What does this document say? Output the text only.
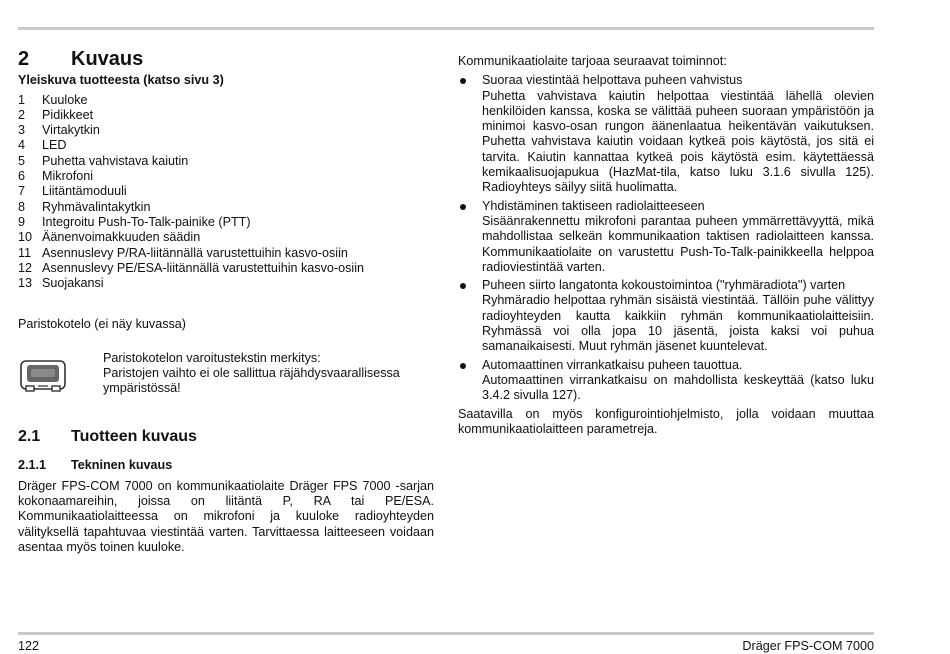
2	Kuvaus
Yleiskuva tuotteesta (katso sivu 3)
1	Kuuloke
2	Pidikkeet
3	Virtakytkin
4	LED
5	Puhetta vahvistava kaiutin
6	Mikrofoni
7	Liitäntämoduuli
8	Ryhmävalintakytkin
9	Integroitu Push-To-Talk-painike (PTT)
10 Äänenvoimakkuuden säädin
11 Asennuslevy P/RA-liitännällä varustettuihin kasvo-osiin
12 Asennuslevy PE/ESA-liitännällä varustettuihin kasvo-osiin
13 Suojakansi
Paristokotelo (ei näy kuvassa)
Paristokotelon varoitustekstin merkitys:
Paristojen vaihto ei ole sallittua räjähdysvaarallisessa ympäristössä!
2.1	Tuotteen kuvaus
2.1.1	Tekninen kuvaus
Dräger FPS-COM 7000 on kommunikaatiolaite Dräger FPS 7000 -sarjan kokonaamareihin, joissa on liitäntä P, RA tai PE/ESA. Kommunikaatiolaitteessa on mikrofoni ja kuuloke radioyhteyden välityksellä tapahtuvaa viestintää varten. Tarvittaessa laitteeseen voidaan asentaa myös toinen kuuloke.
Kommunikaatiolaite tarjoaa seuraavat toiminnot:
Suoraa viestintää helpottava puheen vahvistus
Puhetta vahvistava kaiutin helpottaa viestintää lähellä olevien henkilöiden kanssa, koska se välittää puheen suoraan ympäristöön ja minimoi kasvo-osan rungon äänenlaatua heikentävän vaikutuksen. Puhetta vahvistava kaiutin voidaan kytkeä pois käytöstä, jos sitä ei tarvita. Kaiutin kannattaa kytkeä pois käytöstä esim. käytettäessä kemikaalisuojapukua (HazMat-tila, katso luku 3.1.6 sivulla 125). Radioyhteys säilyy siitä huolimatta.
Yhdistäminen taktiseen radiolaitteeseen
Sisäänrakennettu mikrofoni parantaa puheen ymmärrettävyyttä, mikä mahdollistaa selkeän kommunikaation taktisen radiolaitteen kanssa. Kommunikaatiolaite on varustettu Push-To-Talk-painikkeella helppoa radioviestintää varten.
Puheen siirto langatonta kokoustoimintoa ("ryhmäradiota") varten
Ryhmäradio helpottaa ryhmän sisäistä viestintää. Tällöin puhe välittyy radioyhteyden kautta kaikkiin ryhmän kommunikaatiolaitteisiin. Ryhmässä voi olla jopa 10 jäsentä, joista kaksi voi puhua samanaikaisesti. Muut ryhmän jäsenet kuuntelevat.
Automaattinen virrankatkaisu puheen tauottua.
Automaattinen virrankatkaisu on mahdollista keskeyttää (katso luku 3.4.2 sivulla 127).
Saatavilla on myös konfigurointiohjelmisto, jolla voidaan muuttaa kommunikaatiolaitteen parametreja.
122	Dräger FPS-COM 7000
